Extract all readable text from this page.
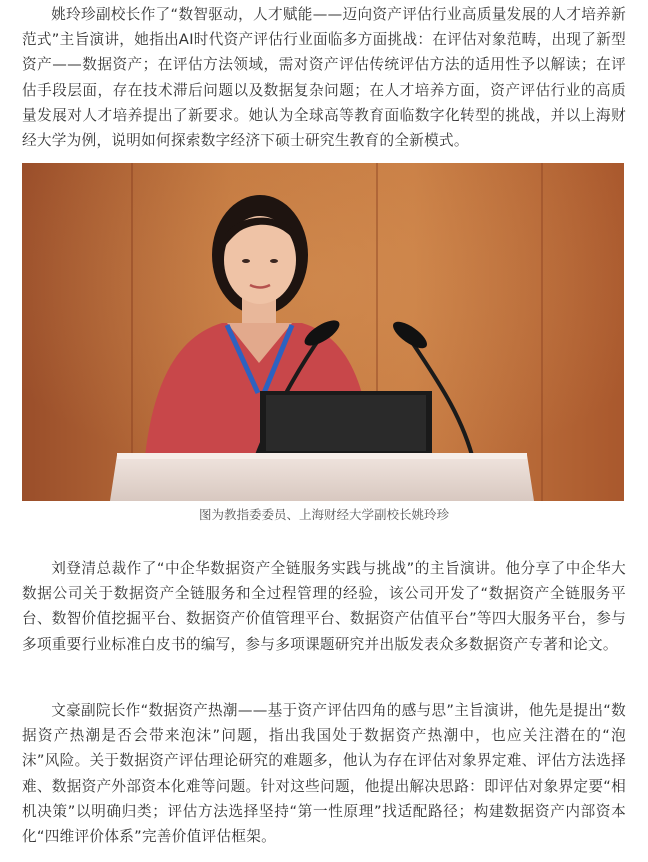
姚玲珍副校长作了“数智驱动，人才赋能——迈向资产评估行业高质量发展的人才培养新范式”主旨演讲，她指出AI时代资产评估行业面临多方面挑战：在评估对象范畴，出现了新型资产——数据资产；在评估方法领域，需对资产评估传统评估方法的适用性予以解读；在评估手段层面，存在技术滞后问题以及数据复杂问题；在人才培养方面，资产评估行业的高质量发展对人才培养提出了新要求。她认为全球高等教育面临数字化转型的挑战，并以上海财经大学为例，说明如何探索数字经济下硕士研究生教育的全新模式。

图为教指委委员、上海财经大学副校长姚玲珍

刘登清总裁作了“中企华数据资产全链服务实践与挑战”的主旨演讲。他分享了中企华大数据公司关于数据资产全链服务和全过程管理的经验，该公司开发了“数据资产全链服务平台、数智价值挖掘平台、数据资产价值管理平台、数据资产估值平台”等四大服务平台，参与多项重要行业标准白皮书的编写，参与多项课题研究并出版发表众多数据资产专著和论文。

文豪副院长作“数据资产热潮——基于资产评估四角的感与思”主旨演讲，他先是提出“数据资产热潮是否会带来泡沫”问题，指出我国处于数据资产热潮中，也应关注潜在的“泡沫”风险。关于数据资产评估理论研究的难题多，他认为存在评估对象界定难、评估方法选择难、数据资产外部资本化难等问题。针对这些问题，他提出解决思路：即评估对象界定要“相机决策”以明确归类；评估方法选择坚持“第一性原理”找适配路径；构建数据资产内部资本化“四维评价体系”完善价值评估框架。
